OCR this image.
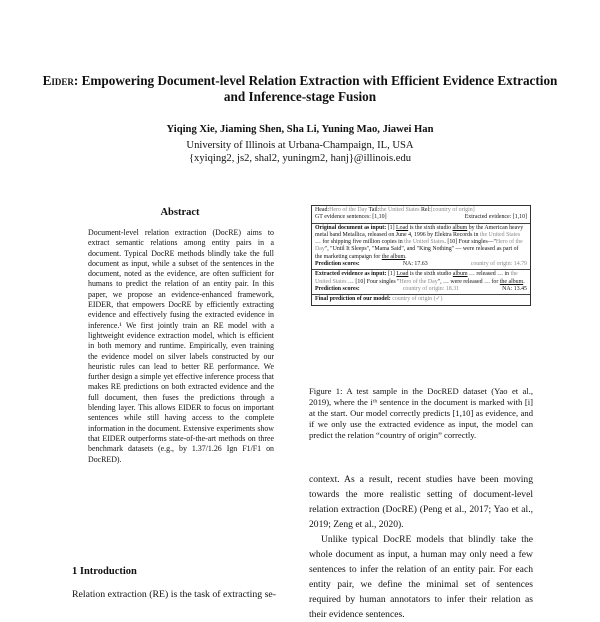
Eider: Empowering Document-level Relation Extraction with Efficient Evidence Extraction and Inference-stage Fusion
Yiqing Xie, Jiaming Shen, Sha Li, Yuning Mao, Jiawei Han
University of Illinois at Urbana-Champaign, IL, USA
{xyiqing2, js2, shal2, yuningm2, hanj}@illinois.edu
Abstract
Document-level relation extraction (DocRE) aims to extract semantic relations among entity pairs in a document. Typical DocRE methods blindly take the full document as input, while a subset of the sentences in the document, noted as the evidence, are often sufficient for humans to predict the relation of an entity pair. In this paper, we propose an evidence-enhanced framework, EIDER, that empowers DocRE by efficiently extracting evidence and effectively fusing the extracted evidence in inference.¹ We first jointly train an RE model with a lightweight evidence extraction model, which is efficient in both memory and runtime. Empirically, even training the evidence model on silver labels constructed by our heuristic rules can lead to better RE performance. We further design a simple yet effective inference process that makes RE predictions on both extracted evidence and the full document, then fuses the predictions through a blending layer. This allows EIDER to focus on important sentences while still having access to the complete information in the document. Extensive experiments show that EIDER outperforms state-of-the-art methods on three benchmark datasets (e.g., by 1.37/1.26 Ign F1/F1 on DocRED).
1 Introduction
Relation extraction (RE) is the task of extracting se-
Head:Hero of the Day Tail:the United States Rel:[country of origin]
GT evidence sentences: [1,10]	Extracted evidence: [1,10]
Original document as input: [1] Load is the sixth studio album by the American heavy metal band Metallica, released on June 4, 1996 by Elektra Records in the United States … for shipping five million copies in the United States. [10] Four singles—"Hero of the Day", "Until It Sleeps", "Mama Said", and "King Nothing" — were released as part of the marketing campaign for the album.
Prediction scores:	NA: 17.63	country of origin: 14.79
Extracted evidence as input: [1] Load is the sixth studio album … released … in the United States … [10] Four singles "Hero of the Day", … were released … for the album.
Prediction scores:	country of origin: 18.31	NA: 13.45
Final prediction of our model: country of origin (✓)
Figure 1: A test sample in the DocRED dataset (Yao et al., 2019), where the iᵗʰ sentence in the document is marked with [i] at the start. Our model correctly predicts [1,10] as evidence, and if we only use the extracted evidence as input, the model can predict the relation “country of origin” correctly.

context. As a result, recent studies have been moving towards the more realistic setting of document-level relation extraction (DocRE) (Peng et al., 2017; Yao et al., 2019; Zeng et al., 2020).

Unlike typical DocRE models that blindly take the whole document as input, a human may only need a few sentences to infer the relation of an entity pair. For each entity pair, we define the minimal set of sentences required by human annotators to infer their relation as their evidence sentences.
